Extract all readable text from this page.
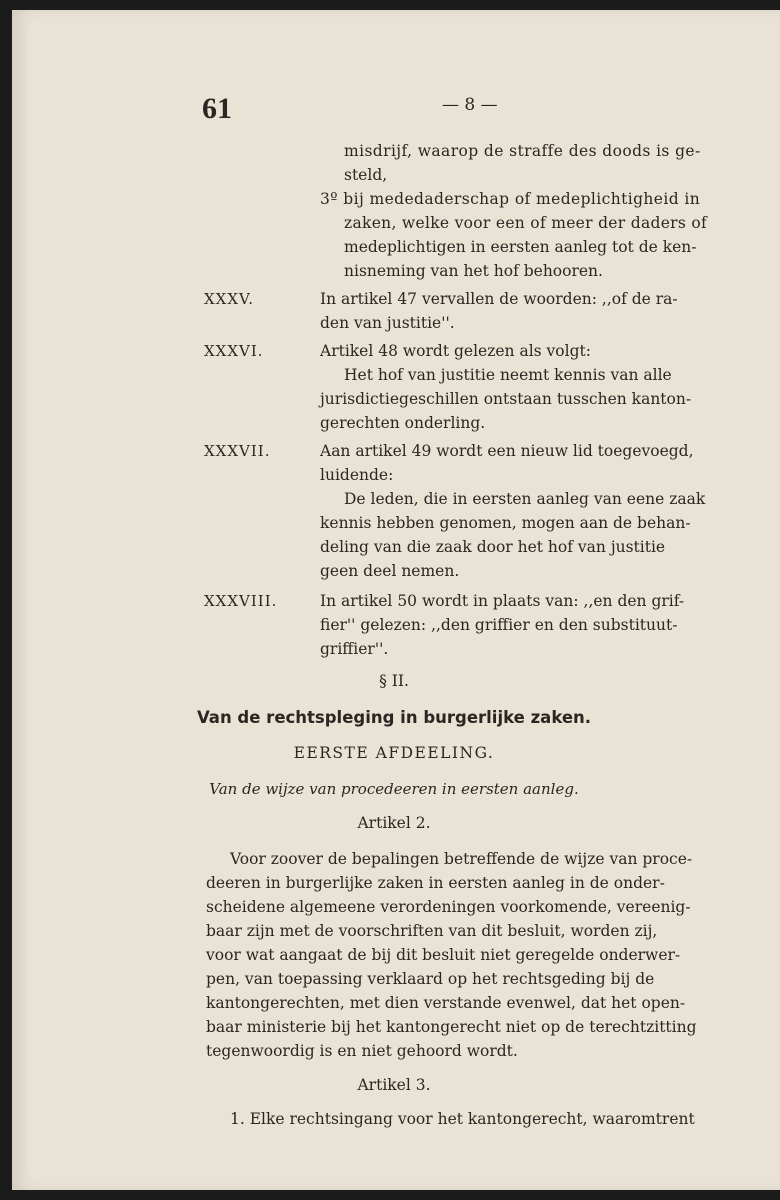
61	— 8 —
misdrijf, waarop de straffe des doods is ge-
steld,
3º bij mededaderschap of medeplichtigheid in
zaken, welke voor een of meer der daders of
medeplichtigen in eersten aanleg tot de ken-
nisneming van het hof behooren.
XXXV.	In artikel 47 vervallen de woorden: ,,of de ra-
den van justitie''.
XXXVI.	Artikel 48 wordt gelezen als volgt:
Het hof van justitie neemt kennis van alle
jurisdictiegeschillen ontstaan tusschen kanton-
gerechten onderling.
XXXVII.	Aan artikel 49 wordt een nieuw lid toegevoegd,
luidende:
De leden, die in eersten aanleg van eene zaak
kennis hebben genomen, mogen aan de behan-
deling van die zaak door het hof van justitie
geen deel nemen.
XXXVIII.	In artikel 50 wordt in plaats van: ,,en den grif-
fier'' gelezen: ,,den griffier en den substituut-
griffier''.
§ II.
Van de rechtspleging in burgerlijke zaken.
EERSTE AFDEELING.
Van de wijze van procedeeren in eersten aanleg.
Artikel 2.
Voor zoover de bepalingen betreffende de wijze van proce-
deeren in burgerlijke zaken in eersten aanleg in de onder-
scheidene algemeene verordeningen voorkomende, vereenig-
baar zijn met de voorschriften van dit besluit, worden zij,
voor wat aangaat de bij dit besluit niet geregelde onderwer-
pen, van toepassing verklaard op het rechtsgeding bij de
kantongerechten, met dien verstande evenwel, dat het open-
baar ministerie bij het kantongerecht niet op de terechtzitting
tegenwoordig is en niet gehoord wordt.
Artikel 3.
1. Elke rechtsingang voor het kantongerecht, waaromtrent
